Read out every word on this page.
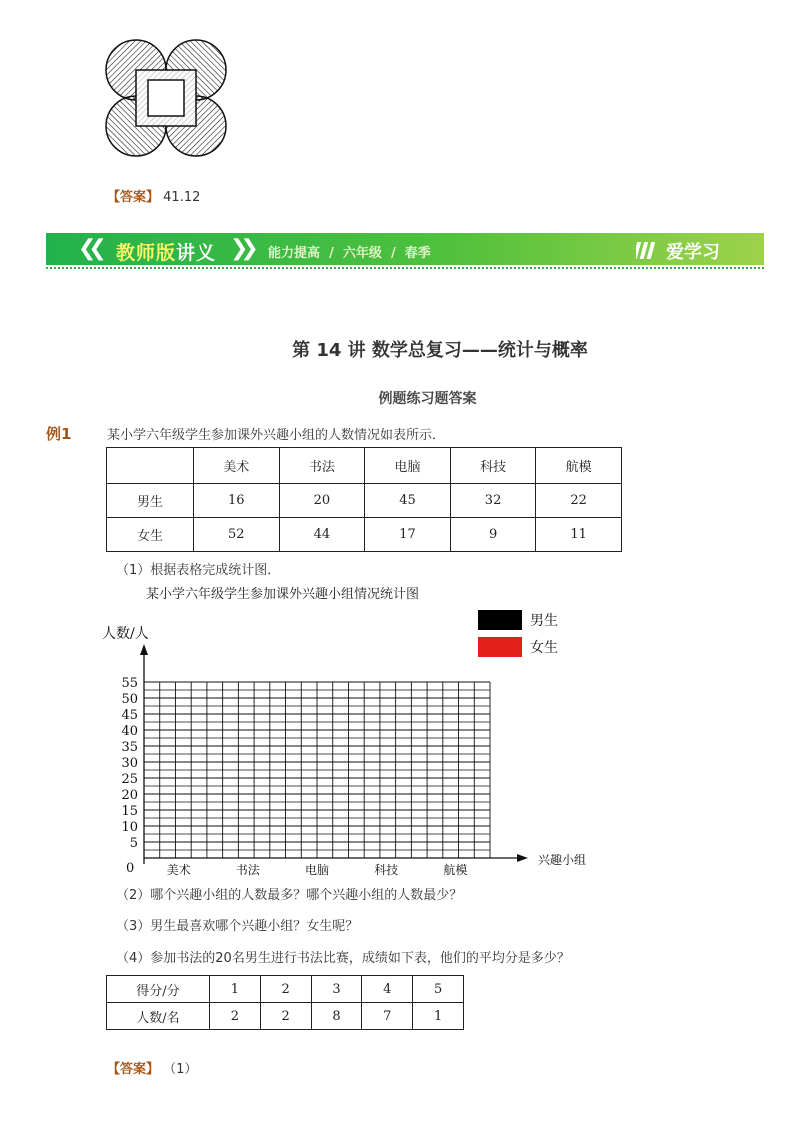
【答案】 41.12
❮❮ 教师版讲义 ❯❯ 能力提高 / 六年级 / 春季	爱学习
第 14 讲 数学总复习——统计与概率
例题练习题答案
例1	某小学六年级学生参加课外兴趣小组的人数情况如表所示．
	美术	书法	电脑	科技	航模
男生	16	20	45	32	22
女生	52	44	17	9	11
（1）根据表格完成统计图．
某小学六年级学生参加课外兴趣小组情况统计图
5
10
15
20
25
30
35
40
45
50
55
美术	书法	电脑	科技	航模
人数/人
兴趣小组
0
男生
女生
（2）哪个兴趣小组的人数最多？哪个兴趣小组的人数最少？
（3）男生最喜欢哪个兴趣小组？女生呢？
（4）参加书法的20名男生进行书法比赛，成绩如下表，他们的平均分是多少？
得分/分	1	2	3	4	5
人数/名	2	2	8	7	1
【答案】 （1）
